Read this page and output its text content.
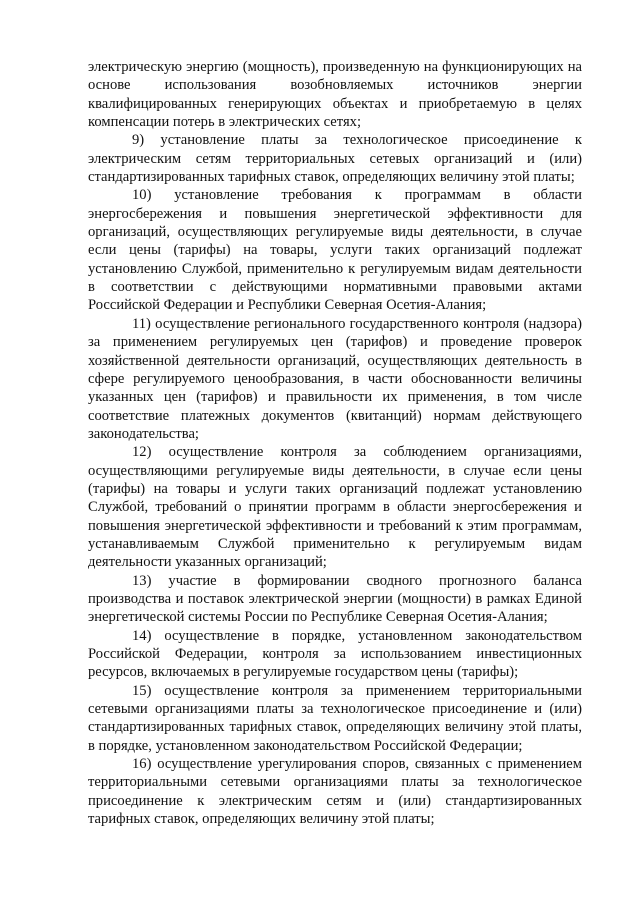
электрическую энергию (мощность), произведенную на функционирующих на основе использования возобновляемых источников энергии квалифицированных генерирующих объектах и приобретаемую в целях компенсации потерь в электрических сетях;

9) установление платы за технологическое присоединение к электрическим сетям территориальных сетевых организаций и (или) стандартизированных тарифных ставок, определяющих величину этой платы;

10) установление требования к программам в области энергосбережения и повышения энергетической эффективности для организаций, осуществляющих регулируемые виды деятельности, в случае если цены (тарифы) на товары, услуги таких организаций подлежат установлению Службой, применительно к регулируемым видам деятельности в соответствии с действующими нормативными правовыми актами Российской Федерации и Республики Северная Осетия-Алания;

11) осуществление регионального государственного контроля (надзора) за применением регулируемых цен (тарифов) и проведение проверок хозяйственной деятельности организаций, осуществляющих деятельность в сфере регулируемого ценообразования, в части обоснованности величины указанных цен (тарифов) и правильности их применения, в том числе соответствие платежных документов (квитанций) нормам действующего законодательства;

12) осуществление контроля за соблюдением организациями, осуществляющими регулируемые виды деятельности, в случае если цены (тарифы) на товары и услуги таких организаций подлежат установлению Службой, требований о принятии программ в области энергосбережения и повышения энергетической эффективности и требований к этим программам, устанавливаемым Службой применительно к регулируемым видам деятельности указанных организаций;

13) участие в формировании сводного прогнозного баланса производства и поставок электрической энергии (мощности) в рамках Единой энергетической системы России по Республике Северная Осетия-Алания;

14) осуществление в порядке, установленном законодательством Российской Федерации, контроля за использованием инвестиционных ресурсов, включаемых в регулируемые государством цены (тарифы);

15) осуществление контроля за применением территориальными сетевыми организациями платы за технологическое присоединение и (или) стандартизированных тарифных ставок, определяющих величину этой платы, в порядке, установленном законодательством Российской Федерации;

16) осуществление урегулирования споров, связанных с применением территориальными сетевыми организациями платы за технологическое присоединение к электрическим сетям и (или) стандартизированных тарифных ставок, определяющих величину этой платы;
